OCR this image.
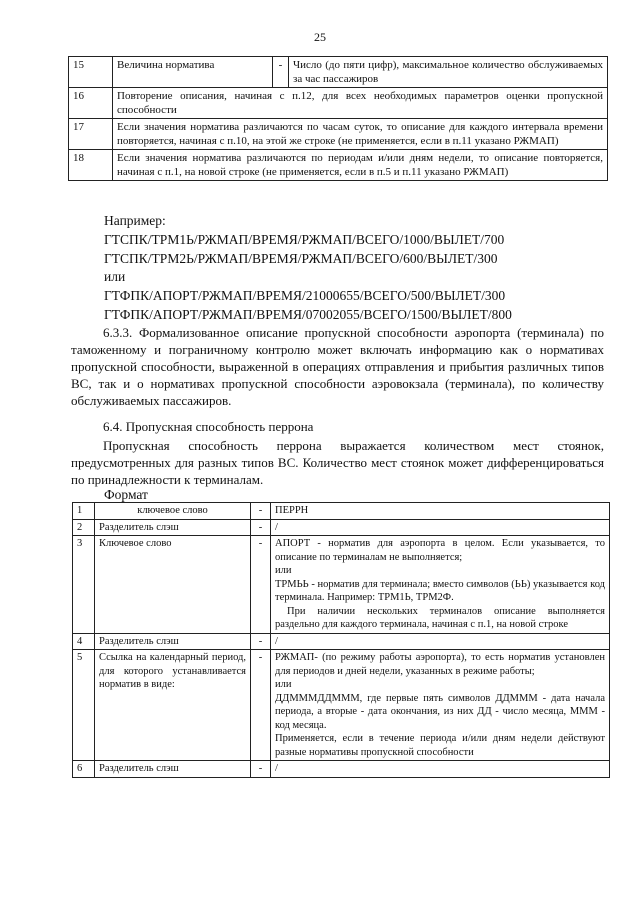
25
15	Величина норматива	-	Число (до пяти цифр), максимальное количество обслуживаемых за час пассажиров
16	Повторение описания, начиная с п.12, для всех необходимых параметров оценки пропускной способности		
17	Если значения норматива различаются по часам суток, то описание для каждого интервала времени повторяется, начиная с п.10, на этой же строке (не применяется, если в п.11 указано РЖМАП)		
18	Если значения норматива различаются по периодам и/или дням недели, то описание повторяется, начиная с п.1, на новой строке (не применяется, если в п.5 и п.11 указано РЖМАП)		

Например:

ГТСПК/ТРМ1Ь/РЖМАП/ВРЕМЯ/РЖМАП/ВСЕГО/1000/ВЫЛЕТ/700

ГТСПК/ТРМ2Ь/РЖМАП/ВРЕМЯ/РЖМАП/ВСЕГО/600/ВЫЛЕТ/300

или

ГТФПК/АПОРТ/РЖМАП/ВРЕМЯ/21000655/ВСЕГО/500/ВЫЛЕТ/300

ГТФПК/АПОРТ/РЖМАП/ВРЕМЯ/07002055/ВСЕГО/1500/ВЫЛЕТ/800

6.3.3. Формализованное описание пропускной способности аэропорта (терминала) по таможенному и пограничному контролю может включать информацию как о нормативах пропускной способности, выраженной в операциях отправления и прибытия различных типов ВС, так и о нормативах пропускной способности аэровокзала (терминала), по количеству обслуживаемых пассажиров.

6.4. Пропускная способность перрона

Пропускная способность перрона выражается количеством мест стоянок, предусмотренных для разных типов ВС. Количество мест стоянок может дифференцироваться по принадлежности к терминалам.

Формат

1	ключевое слово	-	ПЕРРН
2	Разделитель слэш	-	/
3	Ключевое слово	-	АПОРТ - норматив для аэропорта в целом. Если указывается, то описание по терминалам не выполняется;
или
ТРМЬЬ - норматив для терминала; вместо символов (ЬЬ) указывается код терминала. Например: ТРМ1Ь, ТРМ2Ф.
При наличии нескольких терминалов описание выполняется раздельно для каждого терминала, начиная с п.1, на новой строке

4	Разделитель слэш	-	/
5	Ссылка на календарный период, для которого устанавливается норматив в виде:	-	РЖМАП- (по режиму работы аэропорта), то есть норматив установлен для периодов и дней недели, указанных в режиме работы;
или
ДДМММДДМММ, где первые пять символов ДДМММ - дата начала периода, а вторые - дата окончания, из них ДД - число месяца, МММ - код месяца.
Применяется, если в течение периода и/или дням недели действуют разные нормативы пропускной способности

6	Разделитель слэш	-	/
